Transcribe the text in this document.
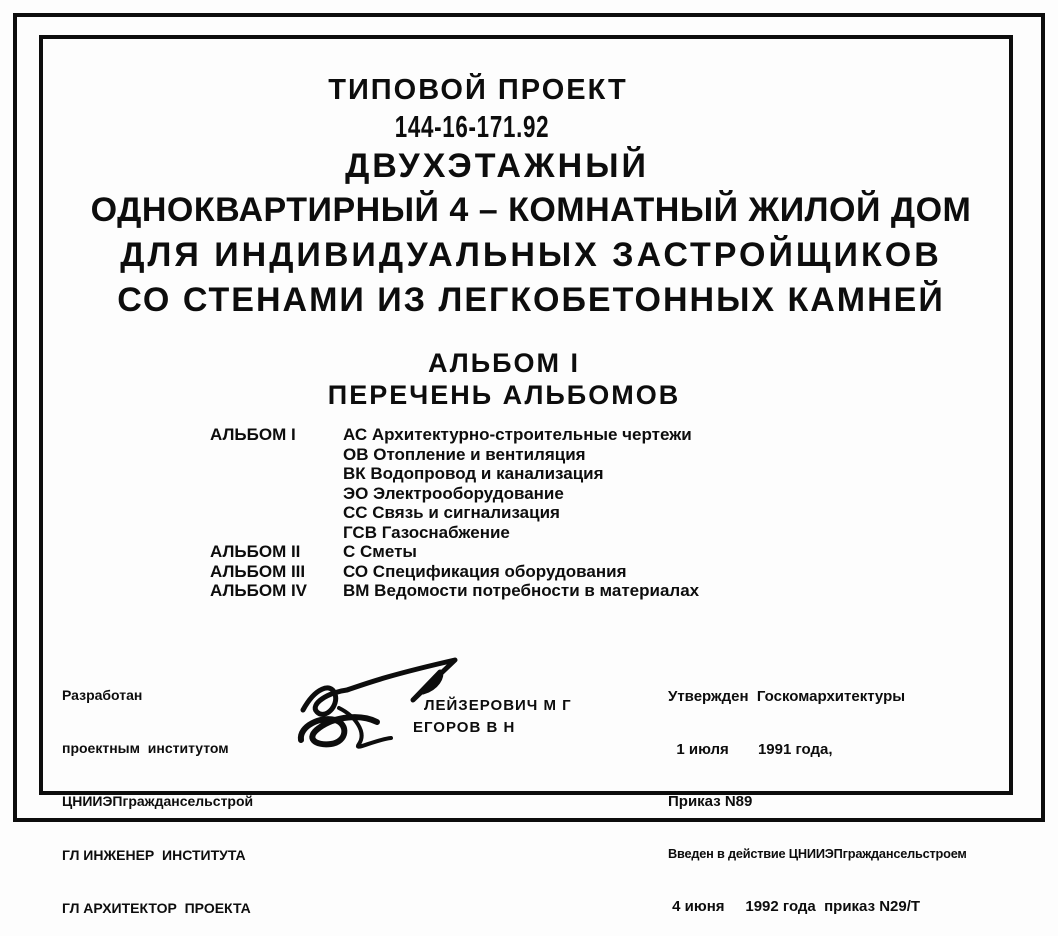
ТИПОВОЙ ПРОЕКТ
144-16-171.92
ДВУХЭТАЖНЫЙ
ОДНОКВАРТИРНЫЙ 4 – КОМНАТНЫЙ ЖИЛОЙ ДОМ
ДЛЯ ИНДИВИДУАЛЬНЫХ ЗАСТРОЙЩИКОВ
СО СТЕНАМИ ИЗ ЛЕГКОБЕТОННЫХ КАМНЕЙ
АЛЬБОМ I
ПЕРЕЧЕНЬ АЛЬБОМОВ
АЛЬБОМ I	АС Архитектурно-строительные чертежи
ОВ Отопление и вентиляция
ВК Водопровод и канализация
ЭО Электрооборудование
СС Связь и сигнализация
ГСВ Газоснабжение
АЛЬБОМ II	С Сметы
АЛЬБОМ III	СО Спецификация оборудования
АЛЬБОМ IV	ВМ Ведомости потребности в материалах

Разработан

проектным  институтом

ЦНИИЭПграждансельстрой

ГЛ ИНЖЕНЕР  ИНСТИТУТА

ГЛ АРХИТЕКТОР  ПРОЕКТА

ЛЕЙЗЕРОВИЧ М Г
ЕГОРОВ В Н

Утвержден  Госкомархитектуры

1 июля       1991 года,

Приказ N89

Введен в действие ЦНИИЭПграждансельстроем

4 июня     1992 года  приказ N29/Т
